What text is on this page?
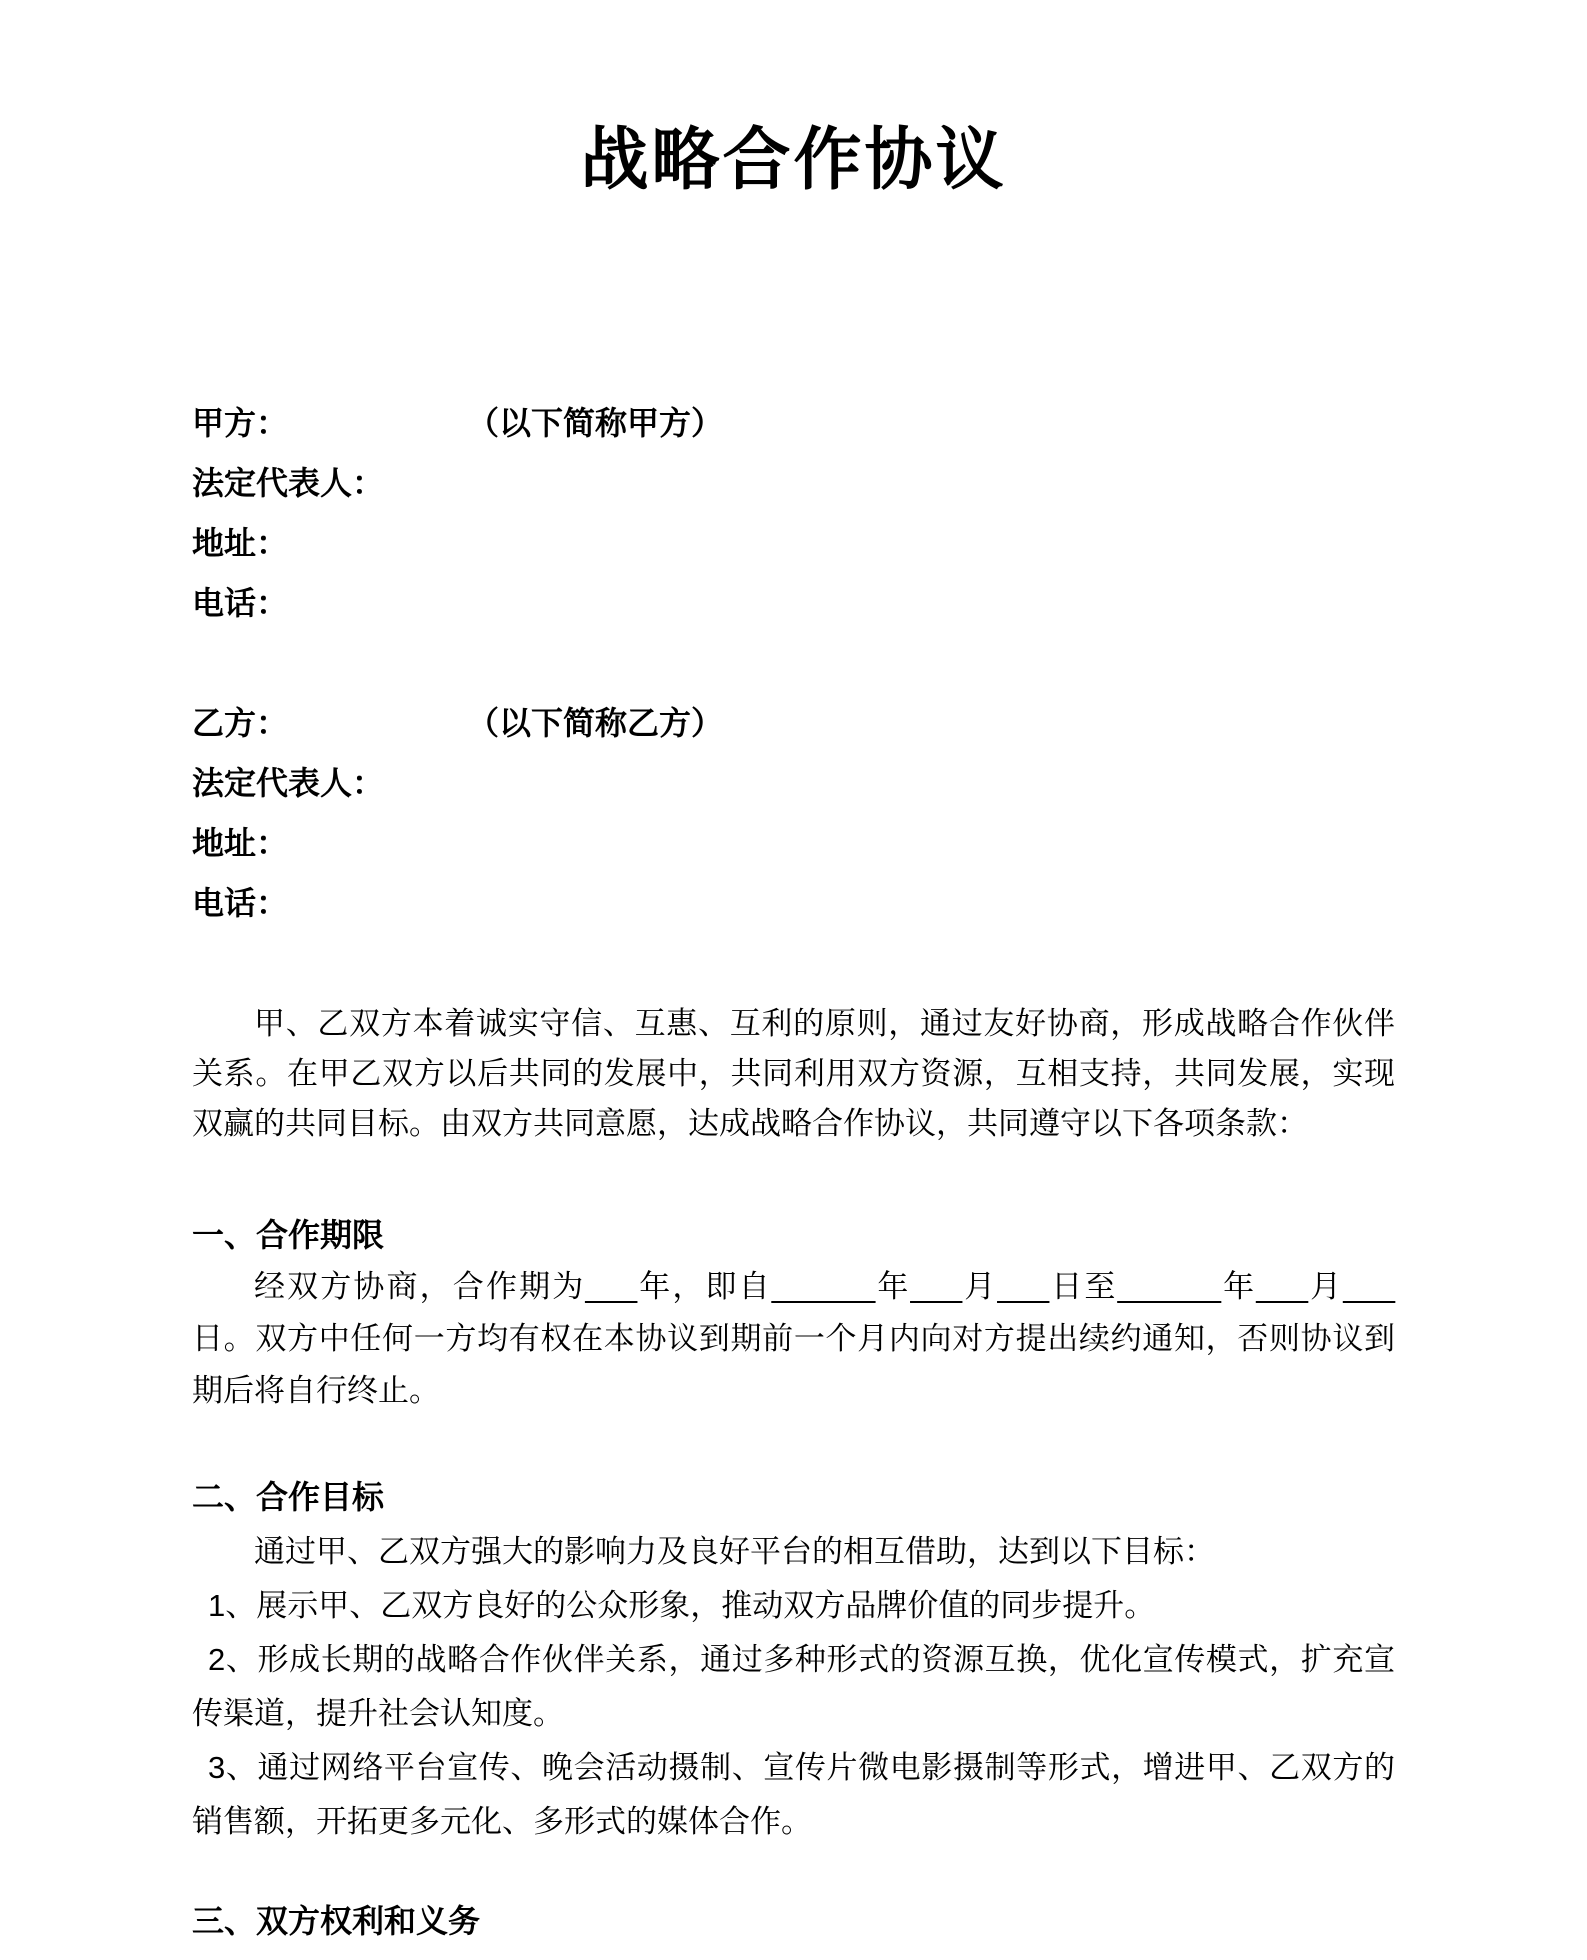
战略合作协议
甲方：	（以下简称甲方）
法定代表人：
地址：
电话：
乙方：	（以下简称乙方）
法定代表人：
地址：
电话：

甲、乙双方本着诚实守信、互惠、互利的原则，通过友好协商，形成战略合作伙伴关系。在甲乙双方以后共同的发展中，共同利用双方资源，互相支持，共同发展，实现双赢的共同目标。由双方共同意愿，达成战略合作协议，共同遵守以下各项条款：

一、合作期限

经双方协商，合作期为___年，即自______年___月___日至______年___月___日。双方中任何一方均有权在本协议到期前一个月内向对方提出续约通知，否则协议到期后将自行终止。

二、合作目标

通过甲、乙双方强大的影响力及良好平台的相互借助，达到以下目标：

1、展示甲、乙双方良好的公众形象，推动双方品牌价值的同步提升。

2、形成长期的战略合作伙伴关系，通过多种形式的资源互换，优化宣传模式，扩充宣传渠道，提升社会认知度。

3、通过网络平台宣传、晚会活动摄制、宣传片微电影摄制等形式，增进甲、乙双方的销售额，开拓更多元化、多形式的媒体合作。

三、双方权利和义务
